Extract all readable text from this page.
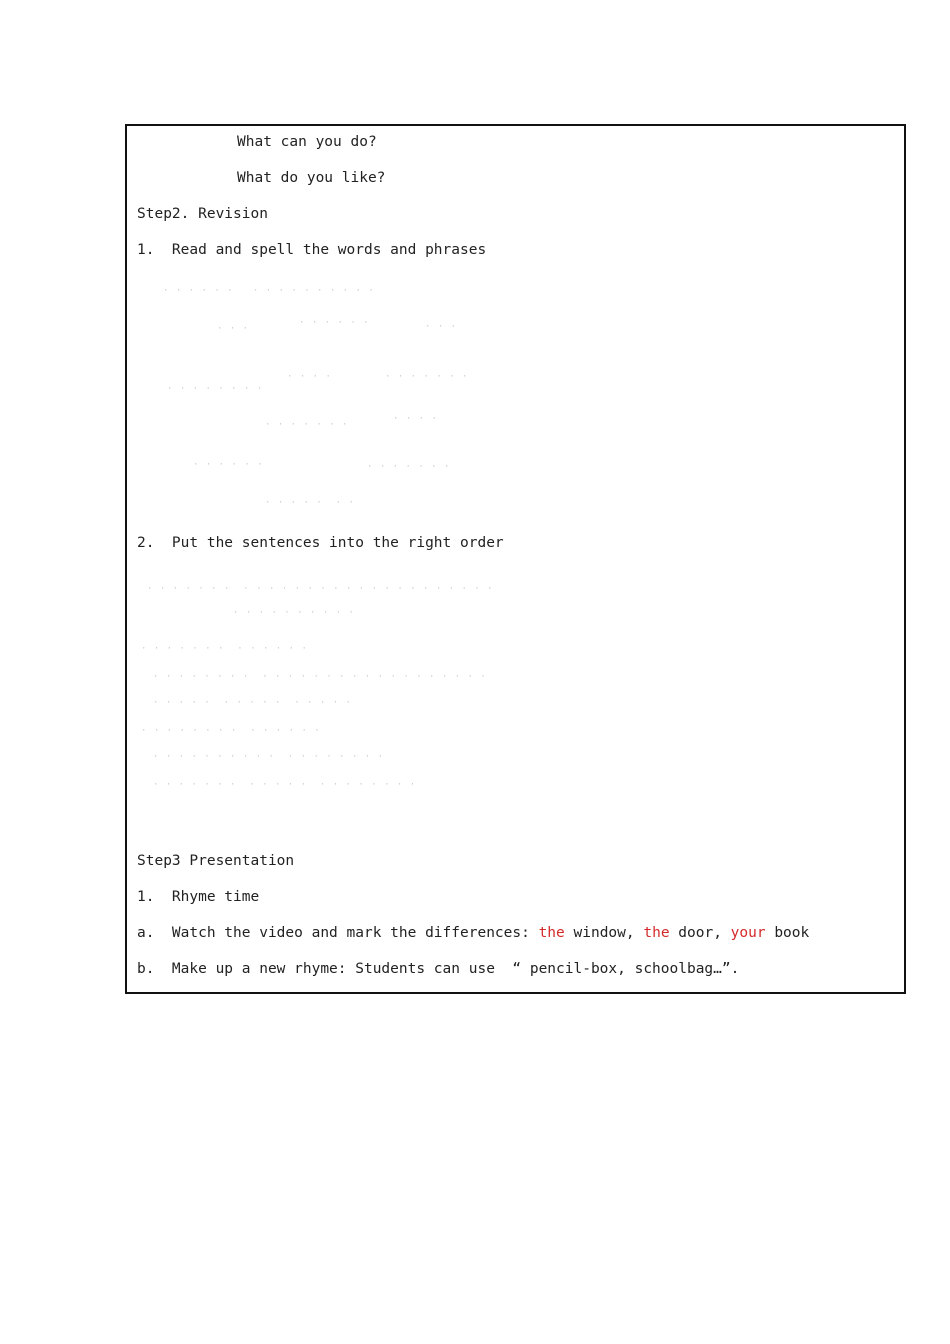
What can you do?
What do you like?
Step2. Revision
1.  Read and spell the words and phrases
· · · · · ·   · · · · · · · · · ·
· · ·
· · · · · ·	· · ·
· · · ·	· · · · · · ·
· · · · · · · ·
· · · · · · ·
· · · ·
· · · · · ·	· · · · · · ·
· · · · ·  · ·
2.  Put the sentences into the right order
· · · · · · ·  · · · · · · · · · · · · · · · · · · · ·
· · · · · · · · · ·
· · · · · · ·  · · · · · ·
· · · · · · · ·  · · · · · · · · · · · · · · · · · ·
· · · · ·  · · · · ·  · · · · ·
· · · · · · · ·  · · · · · ·
· · · · · · · · · ·  · · · · · · · ·
· · · · · · ·  · · · · ·  · · · · · · · ·
Step3 Presentation
1.  Rhyme time
a.  Watch the video and mark the differences: the window, the door, your book
b.  Make up a new rhyme: Students can use  “ pencil-box, schoolbag…”.
